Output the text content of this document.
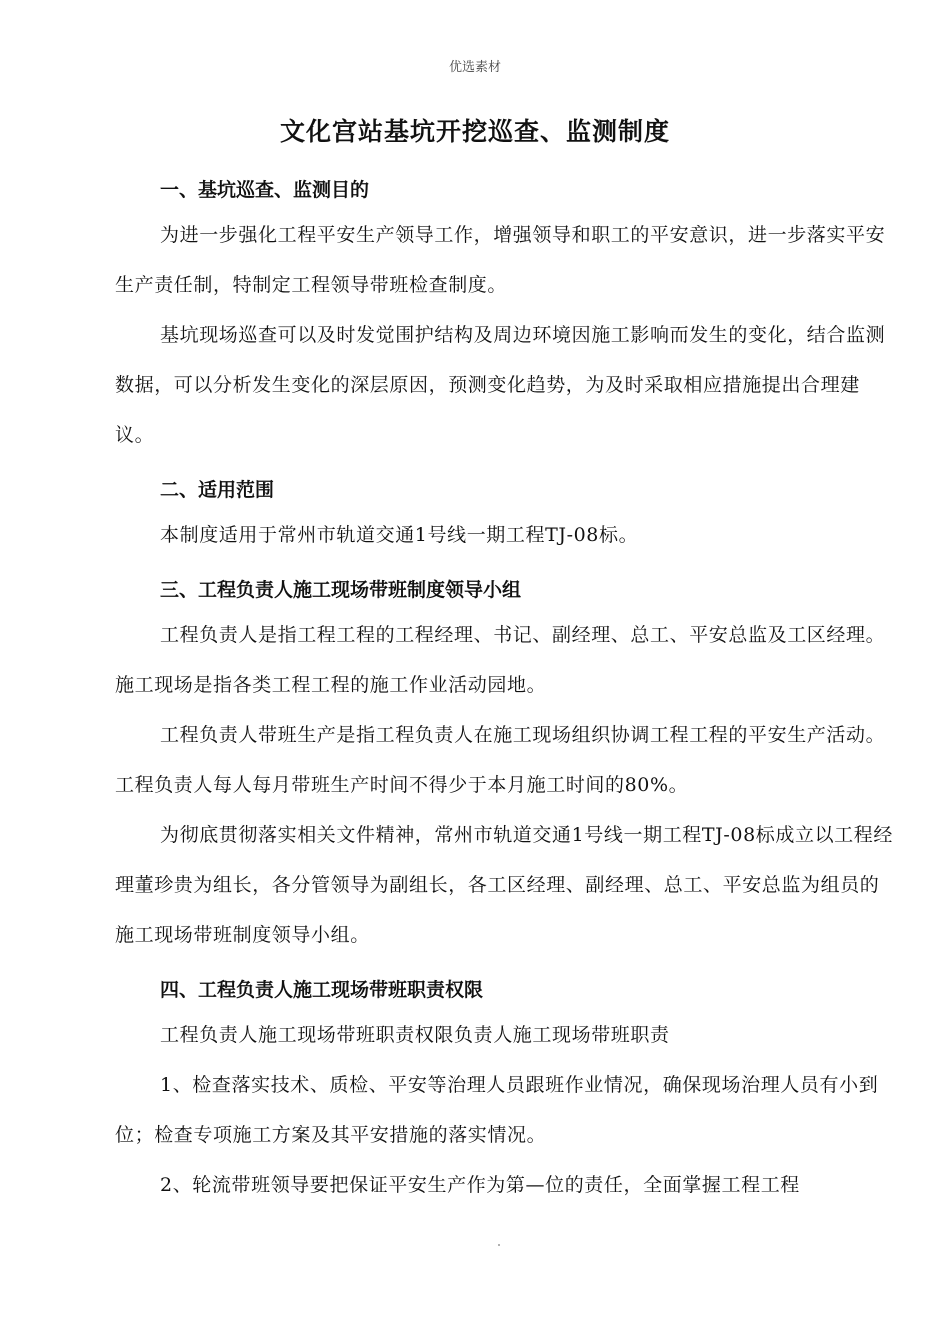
优选素材
文化宫站基坑开挖巡查、监测制度
一、基坑巡查、监测目的

为进一步强化工程平安生产领导工作，增强领导和职工的平安意识，进一步落实平安生产责任制，特制定工程领导带班检查制度。

基坑现场巡查可以及时发觉围护结构及周边环境因施工影响而发生的变化，结合监测数据，可以分析发生变化的深层原因，预测变化趋势，为及时采取相应措施提出合理建议。

二、适用范围

本制度适用于常州市轨道交通1号线一期工程TJ-08标。

三、工程负责人施工现场带班制度领导小组

工程负责人是指工程工程的工程经理、书记、副经理、总工、平安总监及工区经理。施工现场是指各类工程工程的施工作业活动园地。

工程负责人带班生产是指工程负责人在施工现场组织协调工程工程的平安生产活动。工程负责人每人每月带班生产时间不得少于本月施工时间的80%。

为彻底贯彻落实相关文件精神，常州市轨道交通1号线一期工程TJ-08标成立以工程经理董珍贵为组长，各分管领导为副组长，各工区经理、副经理、总工、平安总监为组员的施工现场带班制度领导小组。

四、工程负责人施工现场带班职责权限

工程负责人施工现场带班职责权限负责人施工现场带班职责

1、检查落实技术、质检、平安等治理人员跟班作业情况，确保现场治理人员有小到位；检查专项施工方案及其平安措施的落实情况。

2、轮流带班领导要把保证平安生产作为第—位的责任，全面掌握工程工程
